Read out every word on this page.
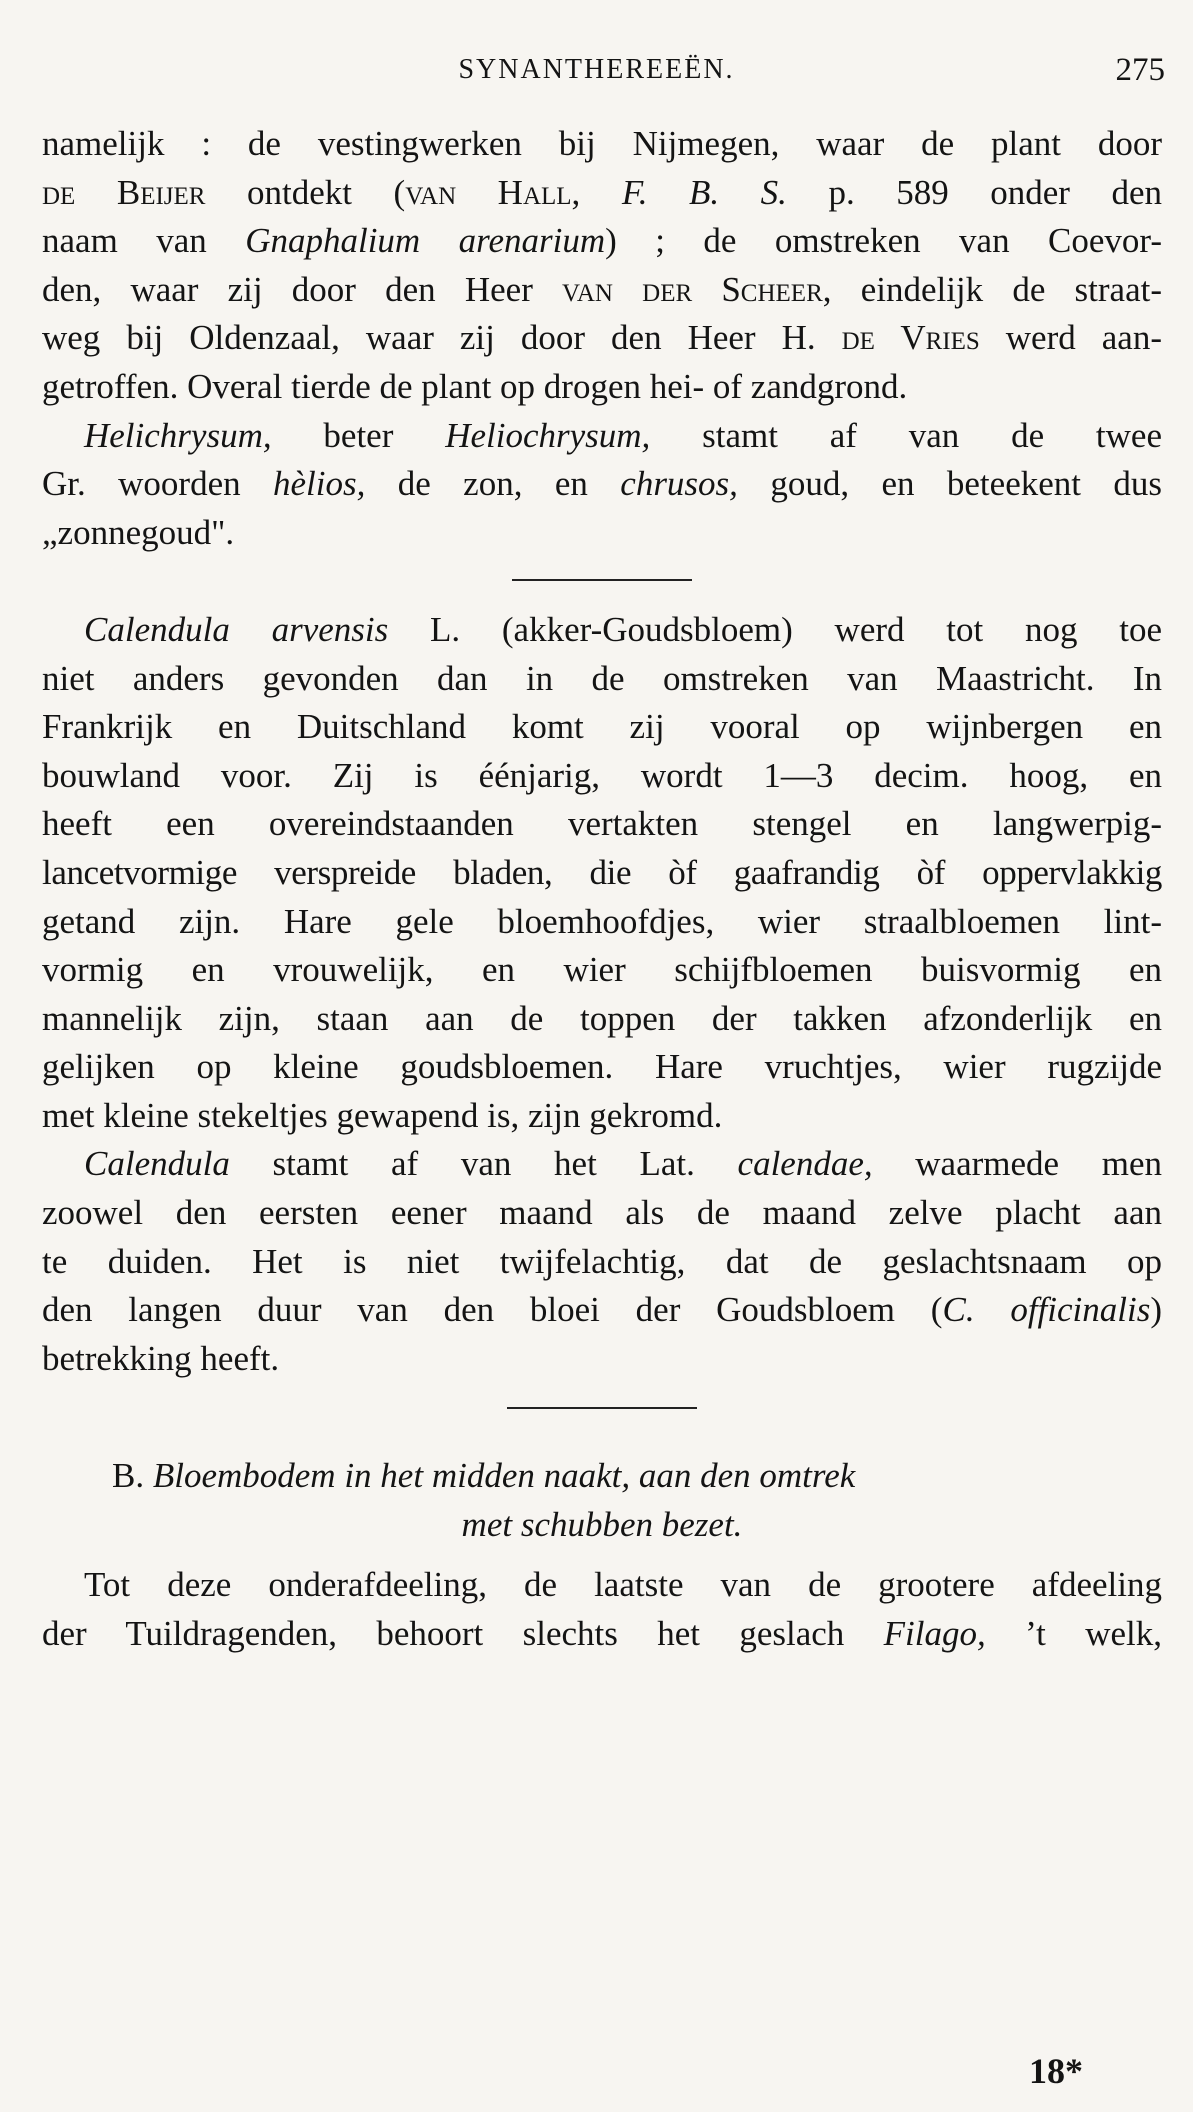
SYNANTHEREEËN.	275
namelijk : de vestingwerken bij Nijmegen, waar de plant door
de Beijer ontdekt (van Hall, F. B. S. p. 589 onder den
naam van Gnaphalium arenarium) ; de omstreken van Coevor-
den, waar zij door den Heer van der Scheer, eindelijk de straat-
weg bij Oldenzaal, waar zij door den Heer H. de Vries werd aan-
getroffen. Overal tierde de plant op drogen hei- of zandgrond.
Helichrysum, beter Heliochrysum, stamt af van de twee
Gr. woorden hèlios, de zon, en chrusos, goud, en beteekent dus
„zonnegoud".
Calendula arvensis L. (akker-Goudsbloem) werd tot nog toe
niet anders gevonden dan in de omstreken van Maastricht. In
Frankrijk en Duitschland komt zij vooral op wijnbergen en
bouwland voor. Zij is éénjarig, wordt 1—3 decim. hoog, en
heeft een overeindstaanden vertakten stengel en langwerpig-
lancetvormige verspreide bladen, die òf gaafrandig òf oppervlakkig
getand zijn. Hare gele bloemhoofdjes, wier straalbloemen lint-
vormig en vrouwelijk, en wier schijfbloemen buisvormig en
mannelijk zijn, staan aan de toppen der takken afzonderlijk en
gelijken op kleine goudsbloemen. Hare vruchtjes, wier rugzijde
met kleine stekeltjes gewapend is, zijn gekromd.
Calendula stamt af van het Lat. calendae, waarmede men
zoowel den eersten eener maand als de maand zelve placht aan
te duiden. Het is niet twijfelachtig, dat de geslachtsnaam op
den langen duur van den bloei der Goudsbloem (C. officinalis)
betrekking heeft.
B. Bloembodem in het midden naakt, aan den omtrek
met schubben bezet.
Tot deze onderafdeeling, de laatste van de grootere afdeeling
der Tuildragenden, behoort slechts het geslach Filago, ’t welk,
18*
